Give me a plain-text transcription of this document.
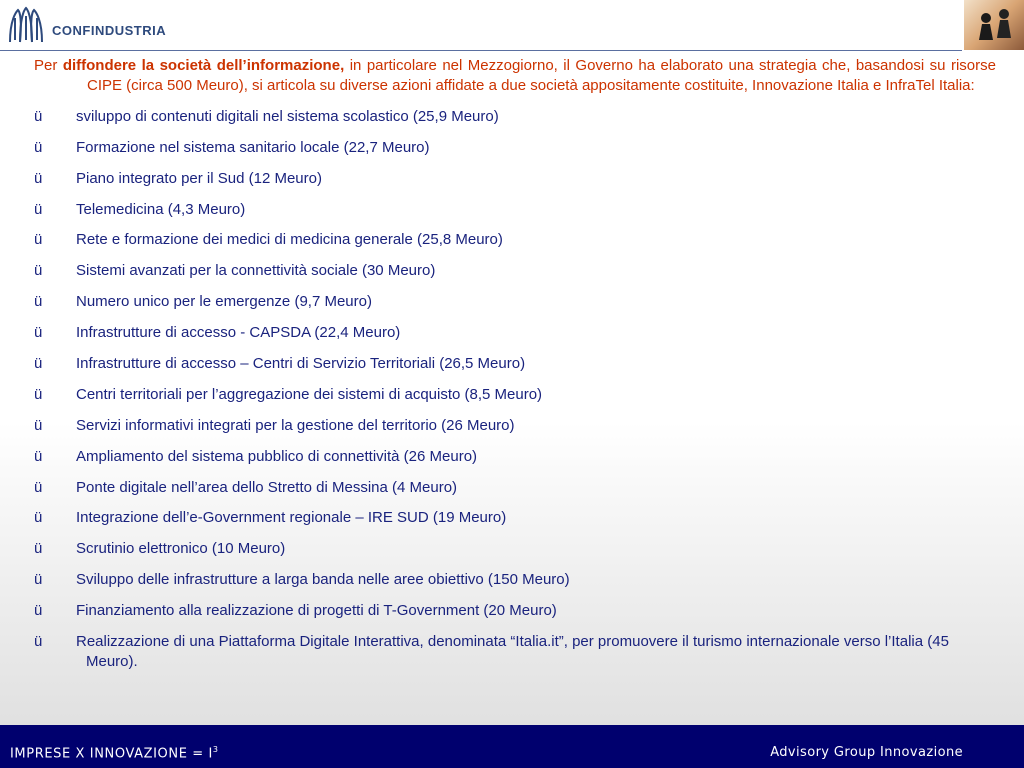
CONFINDUSTRIA

Per diffondere la società dell’informazione, in particolare nel Mezzogiorno, il Governo ha elaborato una strategia che, basandosi su risorse CIPE (circa 500 Meuro), si articola su diverse azioni affidate a due società appositamente costituite, Innovazione Italia e InfraTel Italia:

ü sviluppo di contenuti digitali nel sistema scolastico (25,9 Meuro)
ü Formazione nel sistema sanitario locale (22,7 Meuro)
ü Piano integrato per il Sud (12 Meuro)
ü Telemedicina (4,3 Meuro)
ü Rete e formazione dei medici di medicina generale (25,8 Meuro)
ü Sistemi avanzati per la connettività sociale (30 Meuro)
ü Numero unico per le emergenze (9,7 Meuro)
ü Infrastrutture di accesso - CAPSDA (22,4 Meuro)
ü Infrastrutture di accesso – Centri di Servizio Territoriali (26,5 Meuro)
ü Centri territoriali per l’aggregazione dei sistemi di acquisto (8,5 Meuro)
ü Servizi informativi integrati per la gestione del territorio (26 Meuro)
ü Ampliamento del sistema pubblico di connettività (26 Meuro)
ü Ponte digitale nell’area dello Stretto di Messina (4 Meuro)
ü Integrazione dell’e-Government regionale – IRE SUD (19 Meuro)
ü Scrutinio elettronico (10 Meuro)
ü Sviluppo delle infrastrutture a larga banda nelle aree obiettivo (150 Meuro)
ü Finanziamento alla realizzazione di progetti di T-Government (20 Meuro)
ü Realizzazione di una Piattaforma Digitale Interattiva, denominata “Italia.it”, per promuovere il turismo internazionale verso l’Italia (45 Meuro).
37
IMPRESE X INNOVAZIONE = $I^3$	Advisory Group Innovazione
